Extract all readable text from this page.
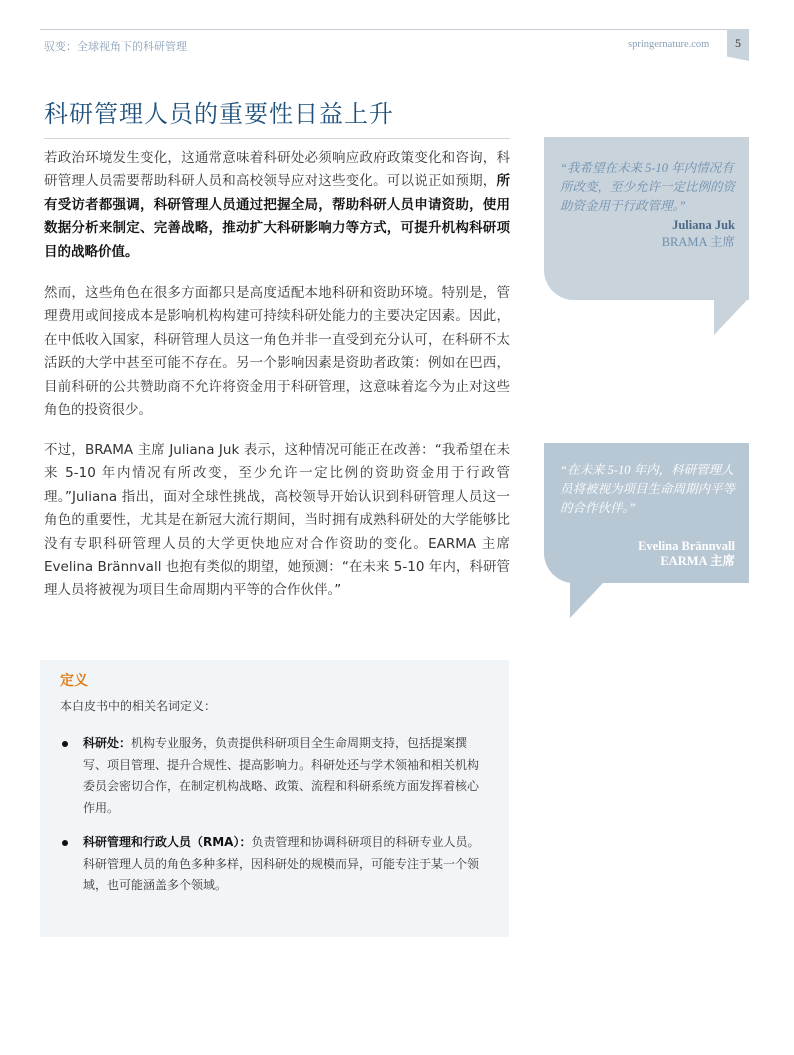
驭变：全球视角下的科研管理	springernature.com	5
科研管理人员的重要性日益上升

若政治环境发生变化，这通常意味着科研处必须响应政府政策变化和咨询，科研管理人员需要帮助科研人员和高校领导应对这些变化。可以说正如预期，所有受访者都强调，科研管理人员通过把握全局，帮助科研人员申请资助，使用数据分析来制定、完善战略，推动扩大科研影响力等方式，可提升机构科研项目的战略价值。

然而，这些角色在很多方面都只是高度适配本地科研和资助环境。特别是，管理费用或间接成本是影响机构构建可持续科研处能力的主要决定因素。因此，在中低收入国家，科研管理人员这一角色并非一直受到充分认可，在科研不太活跃的大学中甚至可能不存在。另一个影响因素是资助者政策：例如在巴西，目前科研的公共赞助商不允许将资金用于科研管理，这意味着迄今为止对这些角色的投资很少。

不过，BRAMA 主席 Juliana Juk 表示，这种情况可能正在改善：“我希望在未来 5-10 年内情况有所改变，至少允许一定比例的资助资金用于行政管理。”Juliana 指出，面对全球性挑战，高校领导开始认识到科研管理人员这一角色的重要性，尤其是在新冠大流行期间，当时拥有成熟科研处的大学能够比没有专职科研管理人员的大学更快地应对合作资助的变化。EARMA 主席 Evelina Brännvall 也抱有类似的期望，她预测：“在未来 5-10 年内，科研管理人员将被视为项目生命周期内平等的合作伙伴。”

“我希望在未来 5-10 年内情况有所改变，至少允许一定比例的资助资金用于行政管理。”

Juliana Juk
BRAMA 主席

“在未来 5-10 年内，科研管理人员将被视为项目生命周期内平等的合作伙伴。”

Evelina Brännvall
EARMA 主席
定义
本白皮书中的相关名词定义：

科研处：机构专业服务，负责提供科研项目全生命周期支持，包括提案撰写、项目管理、提升合规性、提高影响力。科研处还与学术领袖和相关机构委员会密切合作，在制定机构战略、政策、流程和科研系统方面发挥着核心作用。

科研管理和行政人员（RMA）：负责管理和协调科研项目的科研专业人员。科研管理人员的角色多种多样，因科研处的规模而异，可能专注于某一个领域，也可能涵盖多个领域。
